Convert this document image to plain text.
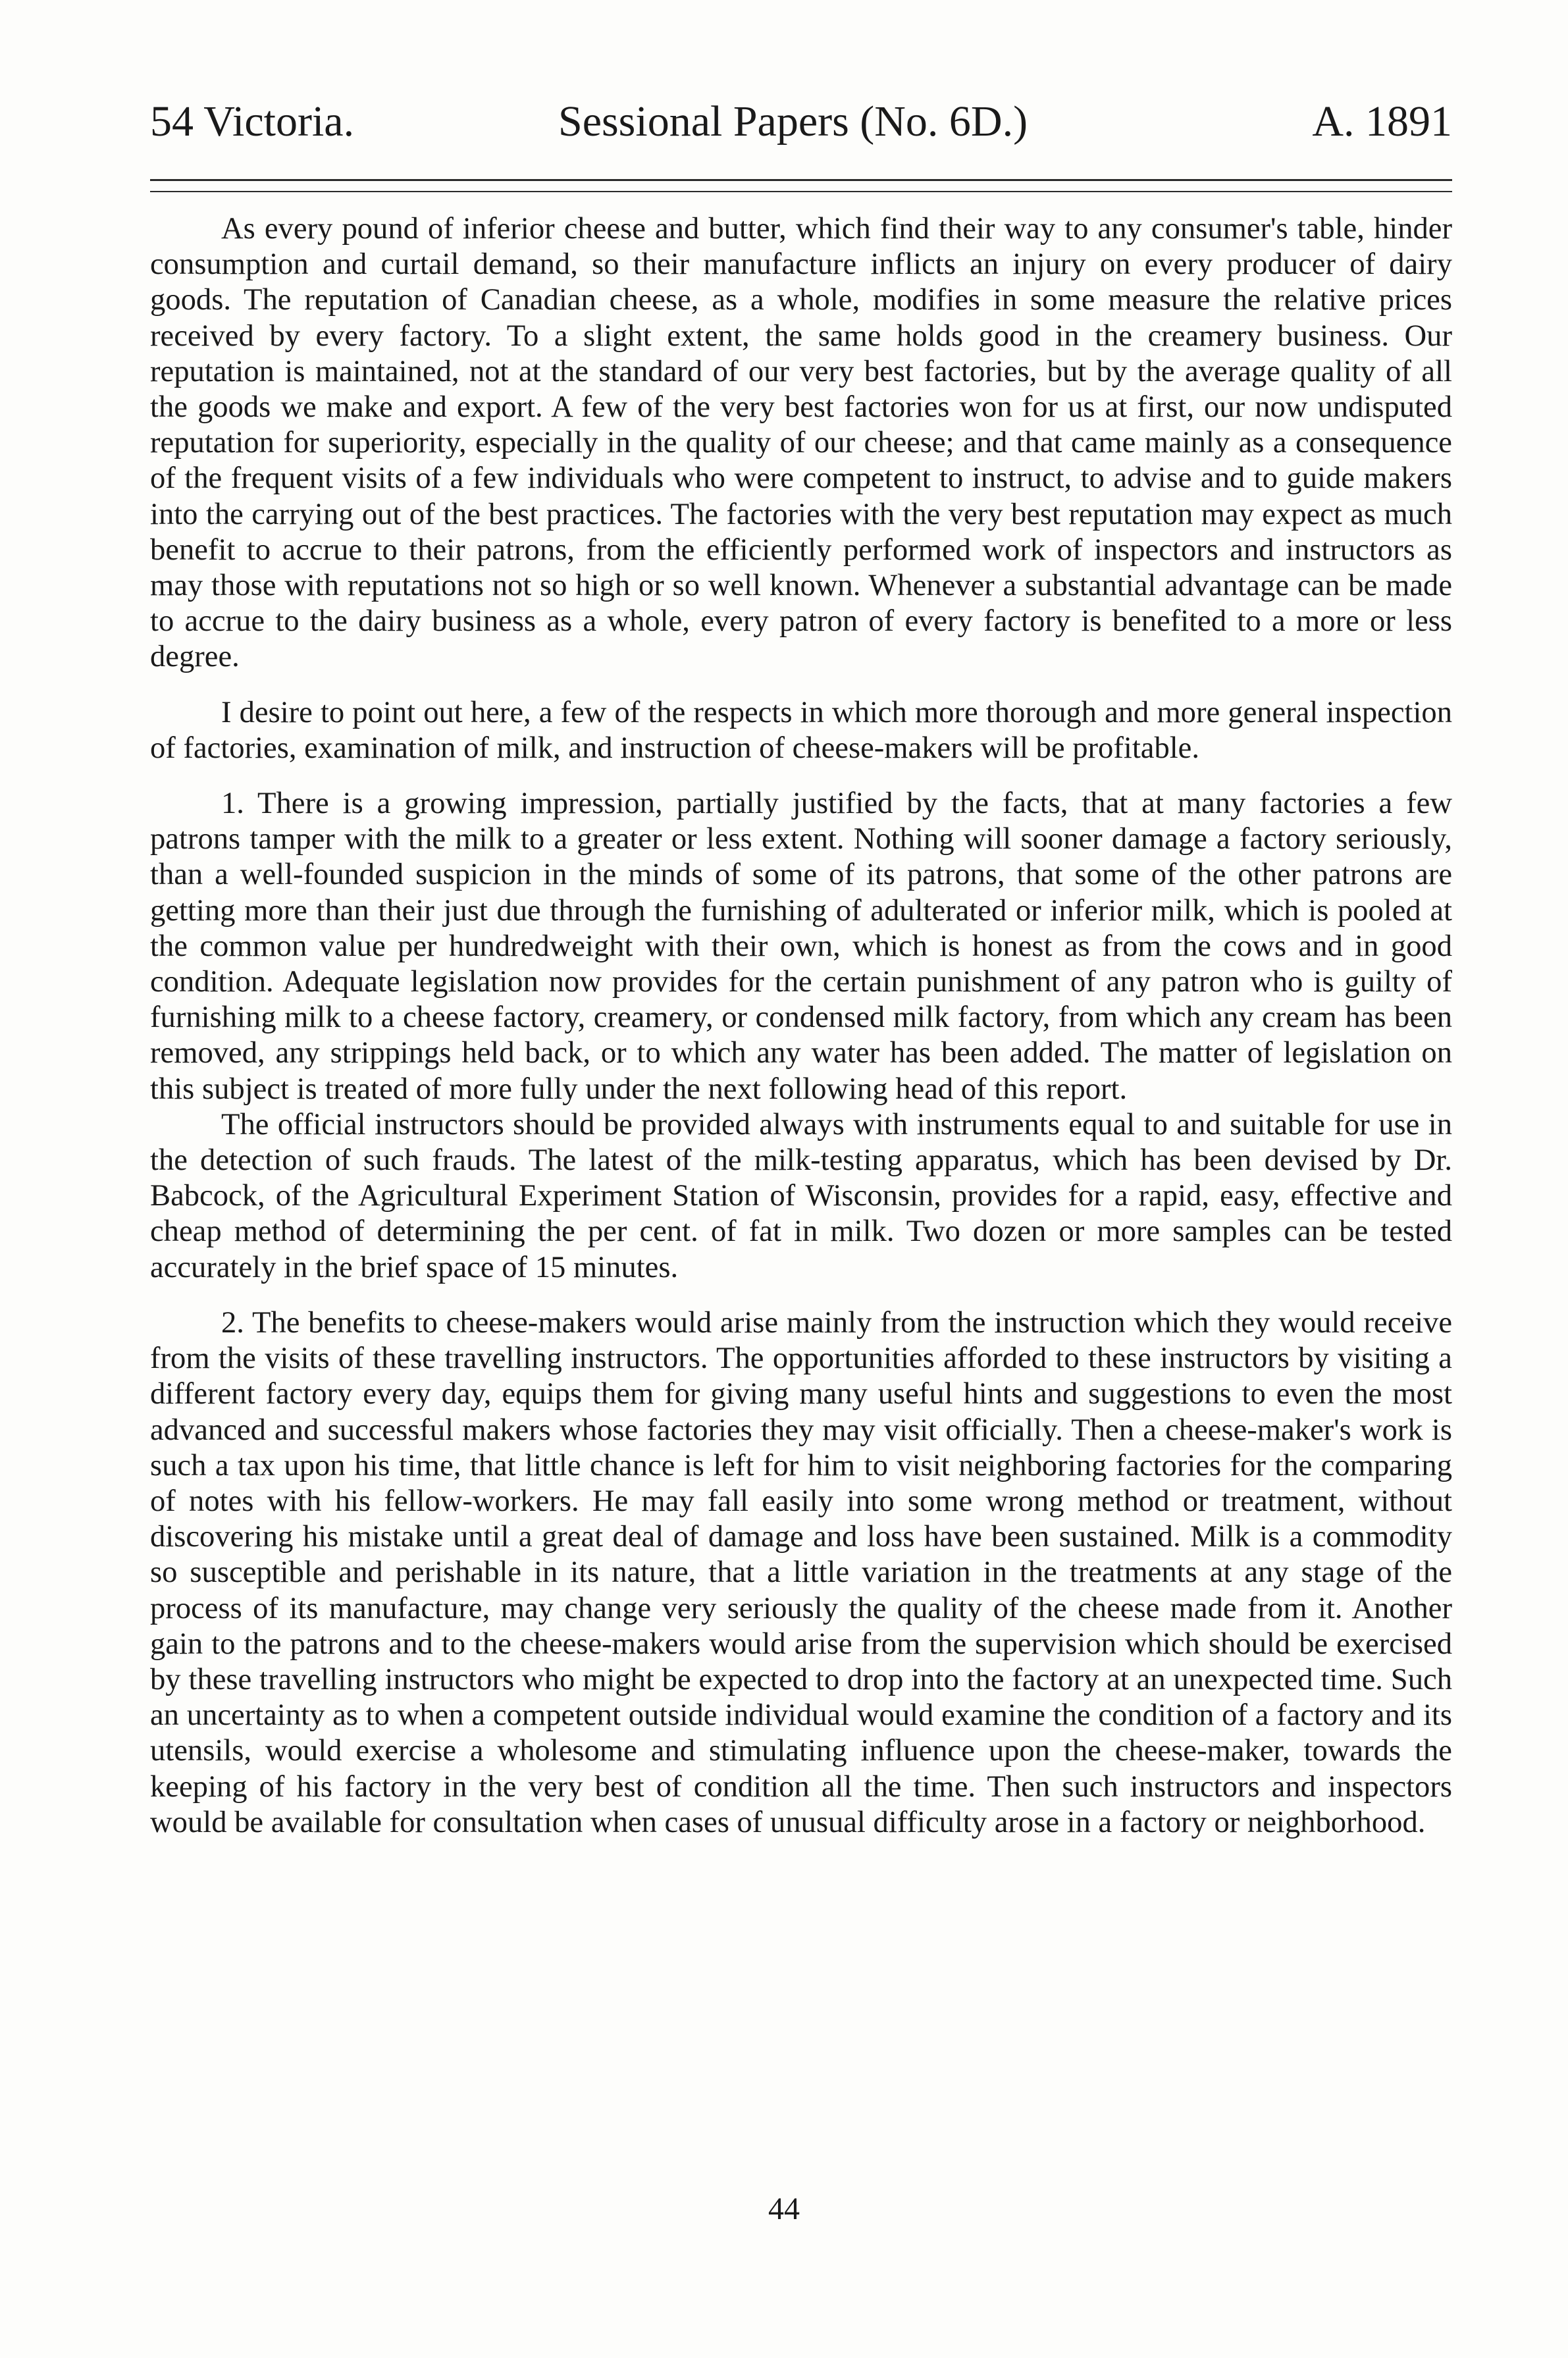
54 Victoria.	Sessional Papers (No. 6D.)	A. 1891

As every pound of inferior cheese and butter, which find their way to any consumer's table, hinder consumption and curtail demand, so their manufacture inflicts an injury on every producer of dairy goods. The reputation of Canadian cheese, as a whole, modifies in some measure the relative prices received by every factory. To a slight extent, the same holds good in the creamery business. Our reputation is maintained, not at the standard of our very best factories, but by the average quality of all the goods we make and export. A few of the very best factories won for us at first, our now undisputed reputation for superiority, especially in the quality of our cheese; and that came mainly as a consequence of the frequent visits of a few individuals who were competent to instruct, to advise and to guide makers into the carrying out of the best practices. The factories with the very best reputation may expect as much benefit to accrue to their patrons, from the efficiently performed work of inspectors and instructors as may those with reputations not so high or so well known. Whenever a substantial advantage can be made to accrue to the dairy business as a whole, every patron of every factory is benefited to a more or less degree.

I desire to point out here, a few of the respects in which more thorough and more general inspection of factories, examination of milk, and instruction of cheese-makers will be profitable.

1. There is a growing impression, partially justified by the facts, that at many factories a few patrons tamper with the milk to a greater or less extent. Nothing will sooner damage a factory seriously, than a well-founded suspicion in the minds of some of its patrons, that some of the other patrons are getting more than their just due through the furnishing of adulterated or inferior milk, which is pooled at the common value per hundredweight with their own, which is honest as from the cows and in good condition. Adequate legislation now provides for the certain punishment of any patron who is guilty of furnishing milk to a cheese factory, creamery, or condensed milk factory, from which any cream has been removed, any strippings held back, or to which any water has been added. The matter of legislation on this subject is treated of more fully under the next following head of this report.

The official instructors should be provided always with instruments equal to and suitable for use in the detection of such frauds. The latest of the milk-testing apparatus, which has been devised by Dr. Babcock, of the Agricultural Experiment Station of Wisconsin, provides for a rapid, easy, effective and cheap method of determining the per cent. of fat in milk. Two dozen or more samples can be tested accurately in the brief space of 15 minutes.

2. The benefits to cheese-makers would arise mainly from the instruction which they would receive from the visits of these travelling instructors. The opportunities afforded to these instructors by visiting a different factory every day, equips them for giving many useful hints and suggestions to even the most advanced and successful makers whose factories they may visit officially. Then a cheese-maker's work is such a tax upon his time, that little chance is left for him to visit neighboring factories for the comparing of notes with his fellow-workers. He may fall easily into some wrong method or treatment, without discovering his mistake until a great deal of damage and loss have been sustained. Milk is a commodity so susceptible and perishable in its nature, that a little variation in the treatments at any stage of the process of its manufacture, may change very seriously the quality of the cheese made from it. Another gain to the patrons and to the cheese-makers would arise from the supervision which should be exercised by these travelling instructors who might be expected to drop into the factory at an unexpected time. Such an uncertainty as to when a competent outside individual would examine the condition of a factory and its utensils, would exercise a wholesome and stimulating influence upon the cheese-maker, towards the keeping of his factory in the very best of condition all the time. Then such instructors and inspectors would be available for consultation when cases of unusual difficulty arose in a factory or neighborhood.

44
